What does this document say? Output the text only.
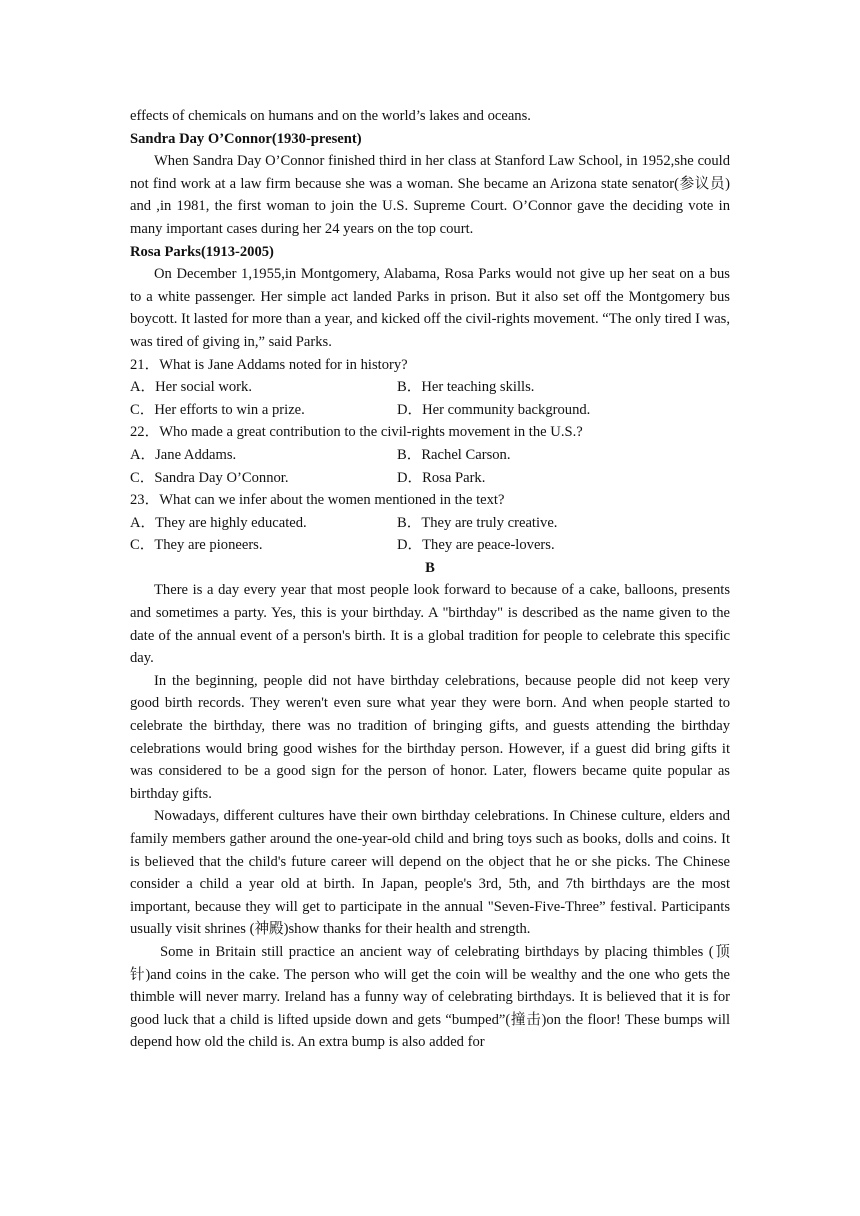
effects of chemicals on humans and on the world’s lakes and oceans.

Sandra Day O’Connor(1930-present)

When Sandra Day O’Connor finished third in her class at Stanford Law School, in 1952,she could not find work at a law firm because she was a woman. She became an Arizona state senator(参议员) and ,in 1981, the first woman to join the U.S. Supreme Court. O’Connor gave the deciding vote in many important cases during her 24 years on the top court.

Rosa Parks(1913-2005)

On December 1,1955,in Montgomery, Alabama, Rosa Parks would not give up her seat on a bus to a white passenger. Her simple act landed Parks in prison. But it also set off the Montgomery bus boycott. It lasted for more than a year, and kicked off the civil-rights movement. “The only tired I was, was tired of giving in,” said Parks.

21．What is Jane Addams noted for in history?

A．Her social work.	B．Her teaching skills.
C．Her efforts to win a prize.	D．Her community background.

22．Who made a great contribution to the civil-rights movement in the U.S.?

A．Jane Addams.	B．Rachel Carson.
C．Sandra Day O’Connor.	D．Rosa Park.

23．What can we infer about the women mentioned in the text?

A．They are highly educated.	B．They are truly creative.
C．They are pioneers.	D．They are peace-lovers.

B

There is a day every year that most people look forward to because of a cake, balloons, presents and sometimes a party. Yes, this is your birthday. A "birthday" is described as the name given to the date of the annual event of a person's birth. It is a global tradition for people to celebrate this specific day.

In the beginning, people did not have birthday celebrations, because people did not keep very good birth records. They weren't even sure what year they were born. And when people started to celebrate the birthday, there was no tradition of bringing gifts, and guests attending the birthday celebrations would bring good wishes for the birthday person. However, if a guest did bring gifts it was considered to be a good sign for the person of honor. Later, flowers became quite popular as birthday gifts.

Nowadays, different cultures have their own birthday celebrations. In Chinese culture, elders and family members gather around the one-year-old child and bring toys such as books, dolls and coins. It is believed that the child's future career will depend on the object that he or she picks. The Chinese consider a child a year old at birth. In Japan, people's 3rd, 5th, and 7th birthdays are the most important, because they will get to participate in the annual "Seven-Five-Three” festival. Participants usually visit shrines (神殿)show thanks for their health and strength.

Some in Britain still practice an ancient way of celebrating birthdays by placing thimbles (顶针)and coins in the cake. The person who will get the coin will be wealthy and the one who gets the thimble will never marry. Ireland has a funny way of celebrating birthdays. It is believed that it is for good luck that a child is lifted upside down and gets “bumped”(撞击)on the floor! These bumps will depend how old the child is. An extra bump is also added for
